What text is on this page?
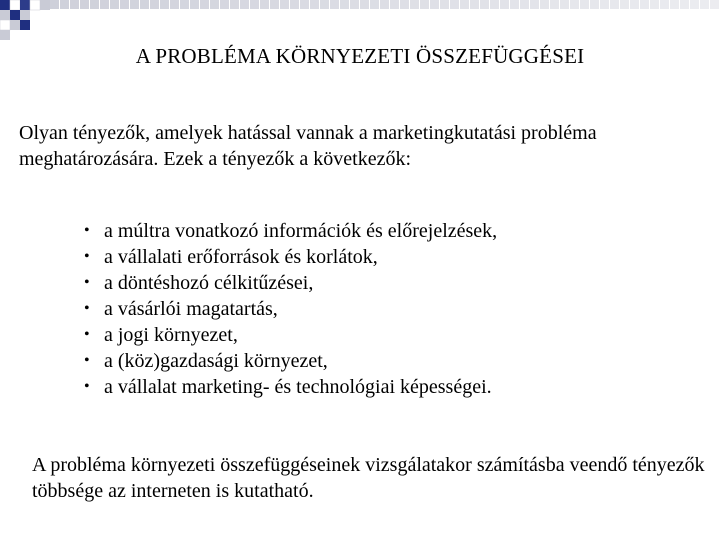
A PROBLÉMA KÖRNYEZETI ÖSSZEFÜGGÉSEI

Olyan tényezők, amelyek hatással vannak a marketingkutatási probléma meghatározására. Ezek a tényezők a következők:

• a múltra vonatkozó információk és előrejelzések,
• a vállalati erőforrások és korlátok,
• a döntéshozó célkitűzései,
• a vásárlói magatartás,
• a jogi környezet,
• a (köz)gazdasági környezet,
• a vállalat marketing- és technológiai képességei.

A probléma környezeti összefüggéseinek vizsgálatakor számításba veendő tényezők többsége az interneten is kutatható.
